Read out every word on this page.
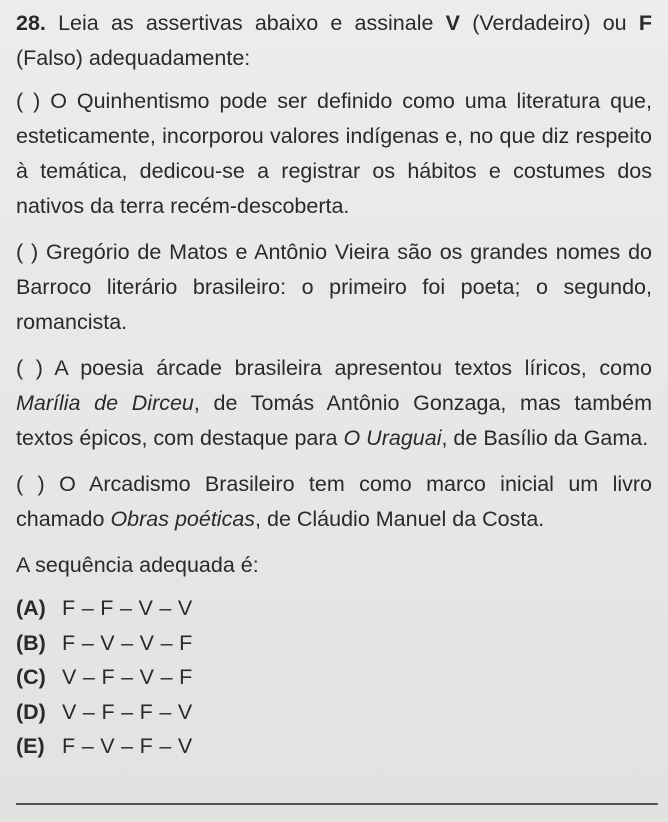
28. Leia as assertivas abaixo e assinale V (Verdadeiro) ou F (Falso) adequadamente:

( ) O Quinhentismo pode ser definido como uma literatura que, esteticamente, incorporou valores indígenas e, no que diz respeito à temática, dedicou-se a registrar os hábitos e costumes dos nativos da terra recém-descoberta.

( ) Gregório de Matos e Antônio Vieira são os grandes nomes do Barroco literário brasileiro: o primeiro foi poeta; o segundo, romancista.

( ) A poesia árcade brasileira apresentou textos líricos, como Marília de Dirceu, de Tomás Antônio Gonzaga, mas também textos épicos, com destaque para O Uraguai, de Basílio da Gama.

( ) O Arcadismo Brasileiro tem como marco inicial um livro chamado Obras poéticas, de Cláudio Manuel da Costa.

A sequência adequada é:

(A) F – F – V – V
(B) F – V – V – F
(C) V – F – V – F
(D) V – F – F – V
(E) F – V – F – V
